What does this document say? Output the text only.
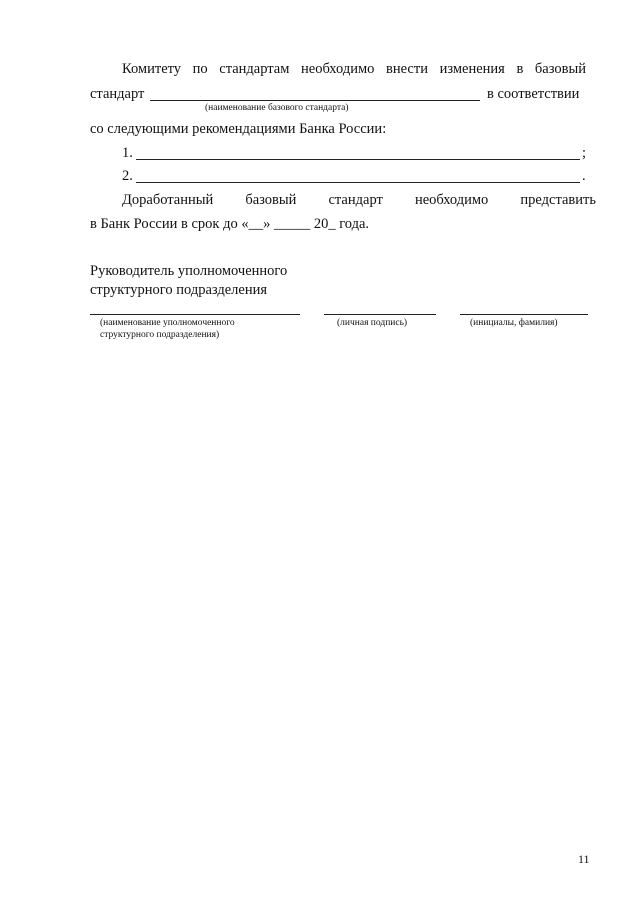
Комитету по стандартам необходимо внести изменения в базовый
стандарт	в соответствии
(наименование базового стандарта)
со следующими рекомендациями Банка России:
1.	;
2.	.
Доработанный базовый стандарт необходимо представить
в Банк России в срок до «__» _____ 20_ года.
Руководитель уполномоченного
структурного подразделения
(наименование уполномоченного
структурного подразделения)
(личная подпись)	(инициалы, фамилия)
11
